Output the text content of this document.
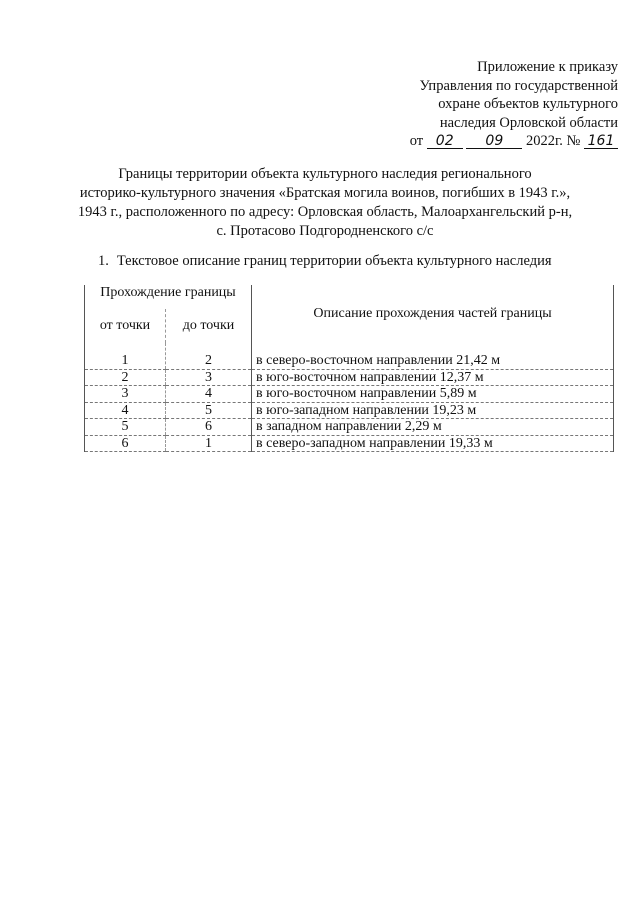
Приложение к приказу
Управления по государственной
охране объектов культурного
наследия Орловской области
от 02 09 2022г. № 161
Границы территории объекта культурного наследия регионального
историко-культурного значения «Братская могила воинов, погибших в 1943 г.»,
1943 г., расположенного по адресу: Орловская область, Малоархангельский р-н,
с. Протасово Подгородненского с/с
1. Текстовое описание границ территории объекта культурного наследия
Прохождение границы		Описание прохождения частей границы
от точки	до точки	
1	2	в северо-восточном направлении 21,42 м
2	3	в юго-восточном направлении 12,37 м
3	4	в юго-восточном направлении 5,89 м
4	5	в юго-западном направлении 19,23 м
5	6	в западном направлении 2,29 м
6	1	в северо-западном направлении 19,33 м
